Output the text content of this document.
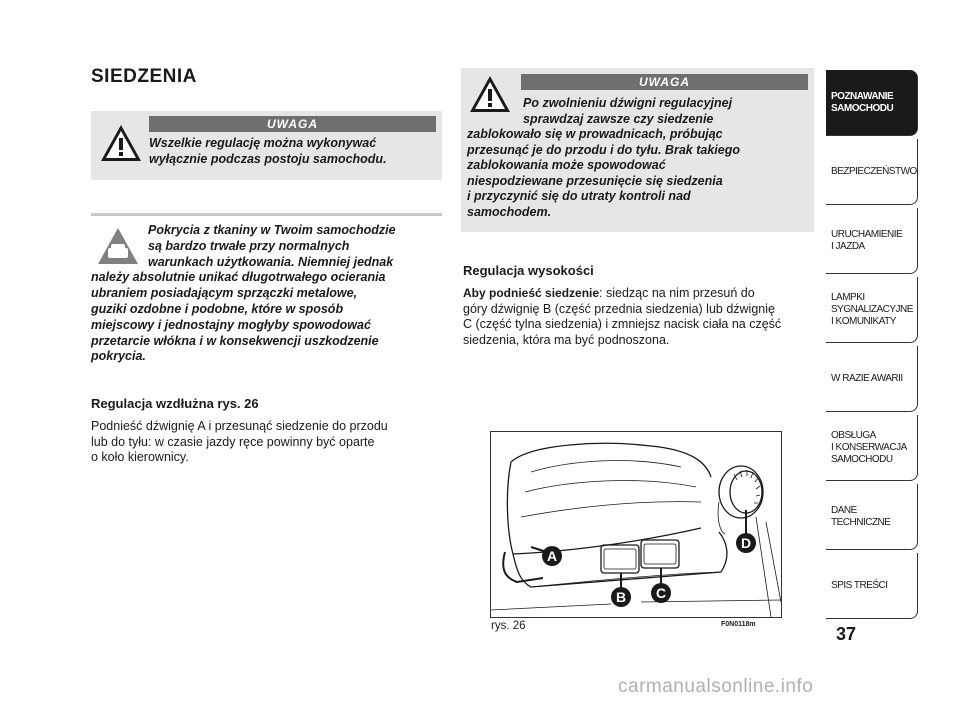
SIEDZENIA
UWAGA
Wszelkie regulację można wykonywać
wyłącznie podczas postoju samochodu.
Pokrycia z tkaniny w Twoim samochodzie
są bardzo trwałe przy normalnych
warunkach użytkowania. Niemniej jednak
należy absolutnie unikać długotrwałego ocierania
ubraniem posiadającym sprzączki metalowe,
guziki ozdobne i podobne, które w sposób
miejscowy i jednostajny mogłyby spowodować
przetarcie włókna i w konsekwencji uszkodzenie
pokrycia.
Regulacja wzdłużna rys. 26
Podnieść dźwignię A i przesunąć siedzenie do przodu
lub do tyłu: w czasie jazdy ręce powinny być oparte
o koło kierownicy.
UWAGA
Po zwolnieniu dźwigni regulacyjnej
sprawdzaj zawsze czy siedzenie
zablokowało się w prowadnicach, próbując
przesunąć je do przodu i do tyłu. Brak takiego
zablokowania może spowodować
niespodziewane przesunięcie się siedzenia
i przyczynić się do utraty kontroli nad
samochodem.
Regulacja wysokości
Aby podnieść siedzenie: siedząc na nim przesuń do
góry dźwignię B (część przednia siedzenia) lub dźwignię
C (część tylna siedzenia) i zmniejsz nacisk ciała na część
siedzenia, która ma być podnoszona.
A
B	C
D
rys. 26	F0N0118m
POZNAWANIE
SAMOCHODU
BEZPIECZEŃSTWO
URUCHAMIENIE
I JAZDA
LAMPKI
SYGNALIZACYJNE
I KOMUNIKATY
W RAZIE AWARII
OBSŁUGA
I KONSERWACJA
SAMOCHODU
DANE TECHNICZNE
SPIS TREŚCI
37
carmanualsonline.info
